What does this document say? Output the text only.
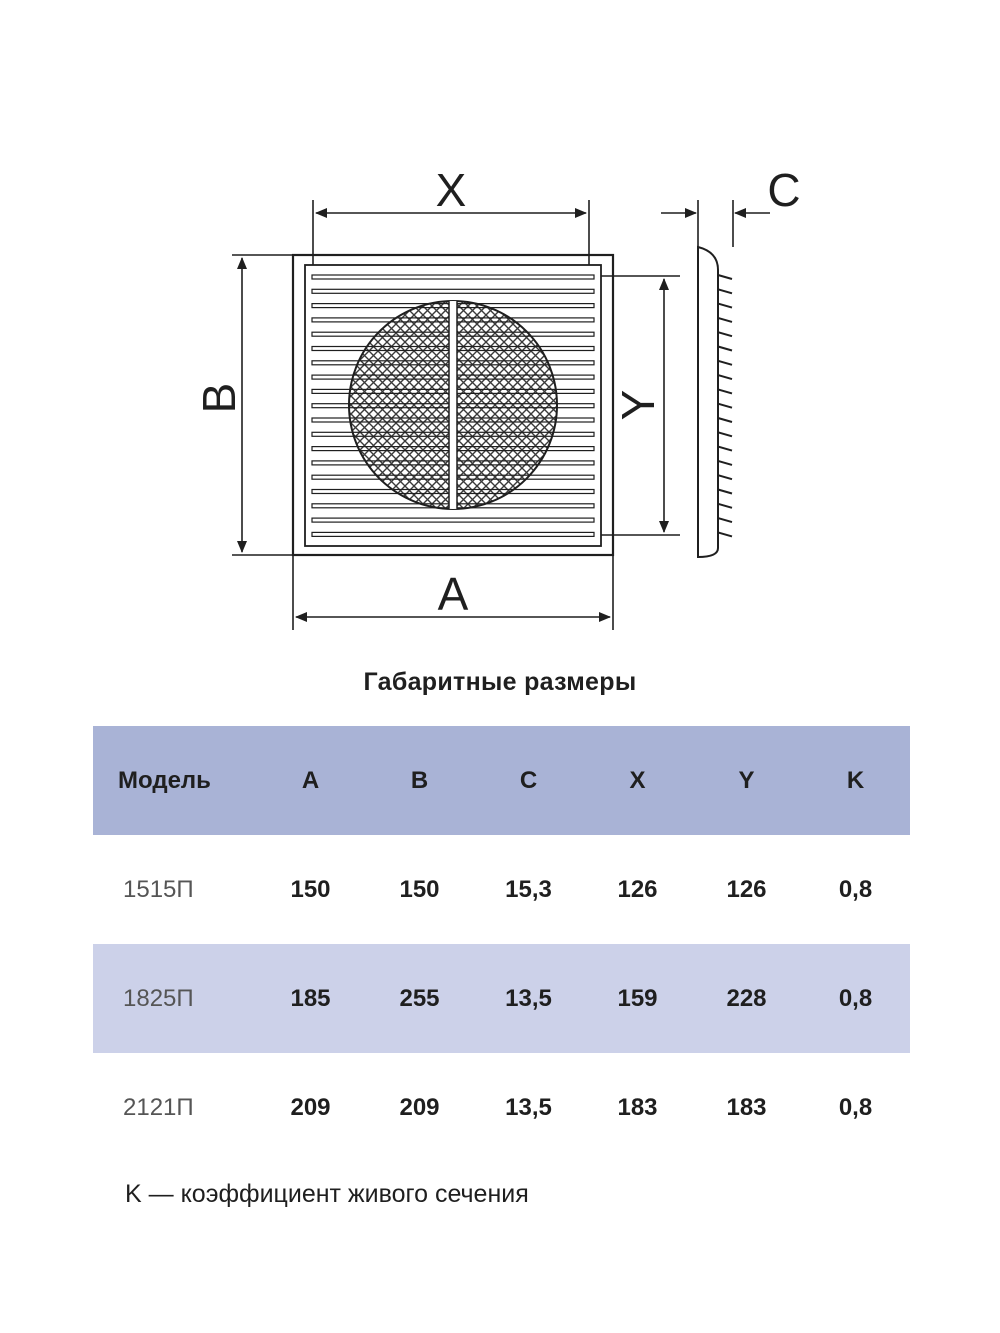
X	C
B	Y
A
Габаритные размеры
Модель	A	B	C	X	Y	K
1515П	150	150	15,3	126	126	0,8
1825П	185	255	13,5	159	228	0,8
2121П	209	209	13,5	183	183	0,8
K — коэффициент живого сечения
